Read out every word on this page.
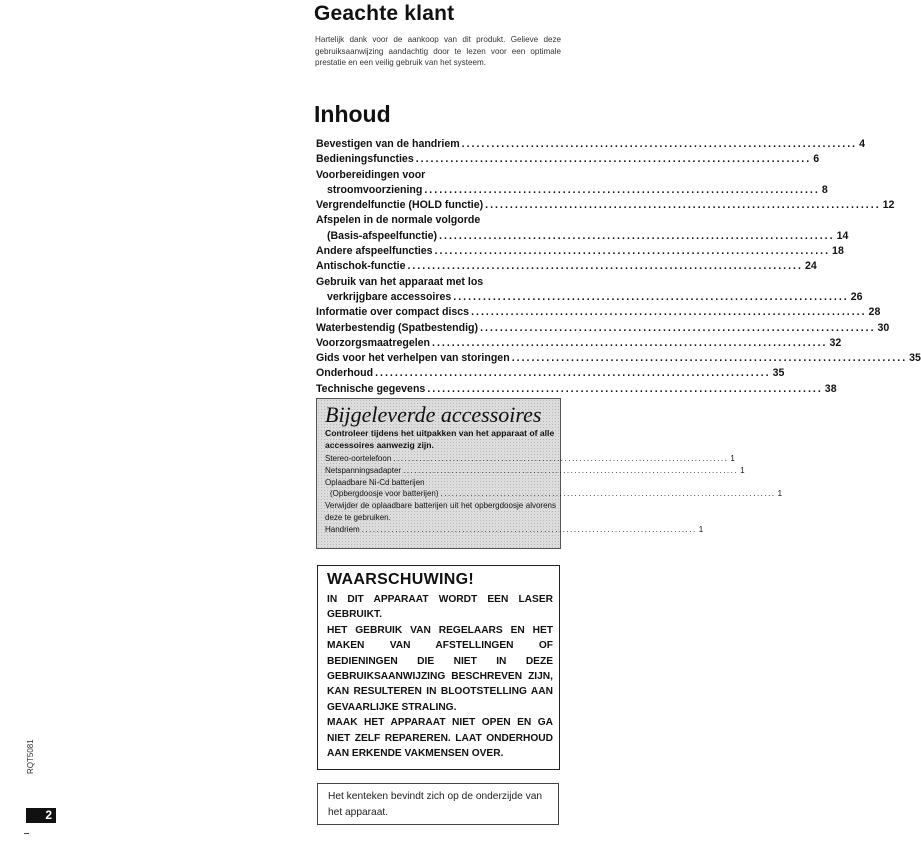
Geachte klant
Hartelijk dank voor de aankoop van dit produkt. Gelieve deze gebruiksaanwijzing aandachtig door te lezen voor een optimale prestatie en een veilig gebruik van het systeem.
Inhoud
Bevestigen van de handriem ................................................................................ 4
Bedieningsfuncties ................................................................................ 6
Voorbereidingen voor
stroomvoorziening ................................................................................ 8
Vergrendelfunctie (HOLD functie) ................................................................................ 12
Afspelen in de normale volgorde
(Basis-afspeelfunctie) ................................................................................ 14
Andere afspeelfuncties ................................................................................ 18
Antischok-functie ................................................................................ 24
Gebruik van het apparaat met los
verkrijgbare accessoires ................................................................................ 26
Informatie over compact discs ................................................................................ 28
Waterbestendig (Spatbestendig) ................................................................................ 30
Voorzorgsmaatregelen ................................................................................ 32
Gids voor het verhelpen van storingen ................................................................................ 35
Onderhoud ................................................................................ 35
Technische gegevens ................................................................................ 38
Bijgeleverde accessoires
Controleer tijdens het uitpakken van het apparaat of alle accessoires aanwezig zijn.
Stereo-oortelefoon .......................................................................................... 1
Netspanningsadapter .......................................................................................... 1
Oplaadbare Ni-Cd batterijen
(Opbergdoosje voor batterijen) .......................................................................................... 1
Verwijder de oplaadbare batterijen uit het opbergdoosje alvorens deze te gebruiken.
Handriem .......................................................................................... 1
WAARSCHUWING!
IN DIT APPARAAT WORDT EEN LASER GEBRUIKT.
HET GEBRUIK VAN REGELAARS EN HET MAKEN VAN AFSTELLINGEN OF BEDIENINGEN DIE NIET IN DEZE GEBRUIKSAANWIJZING BESCHREVEN ZIJN, KAN RESULTEREN IN BLOOTSTELLING AAN GEVAARLIJKE STRALING.
MAAK HET APPARAAT NIET OPEN EN GA NIET ZELF REPAREREN. LAAT ONDERHOUD AAN ERKENDE VAKMENSEN OVER.
Het kenteken bevindt zich op de onderzijde van het apparaat.
RQT5081
2
